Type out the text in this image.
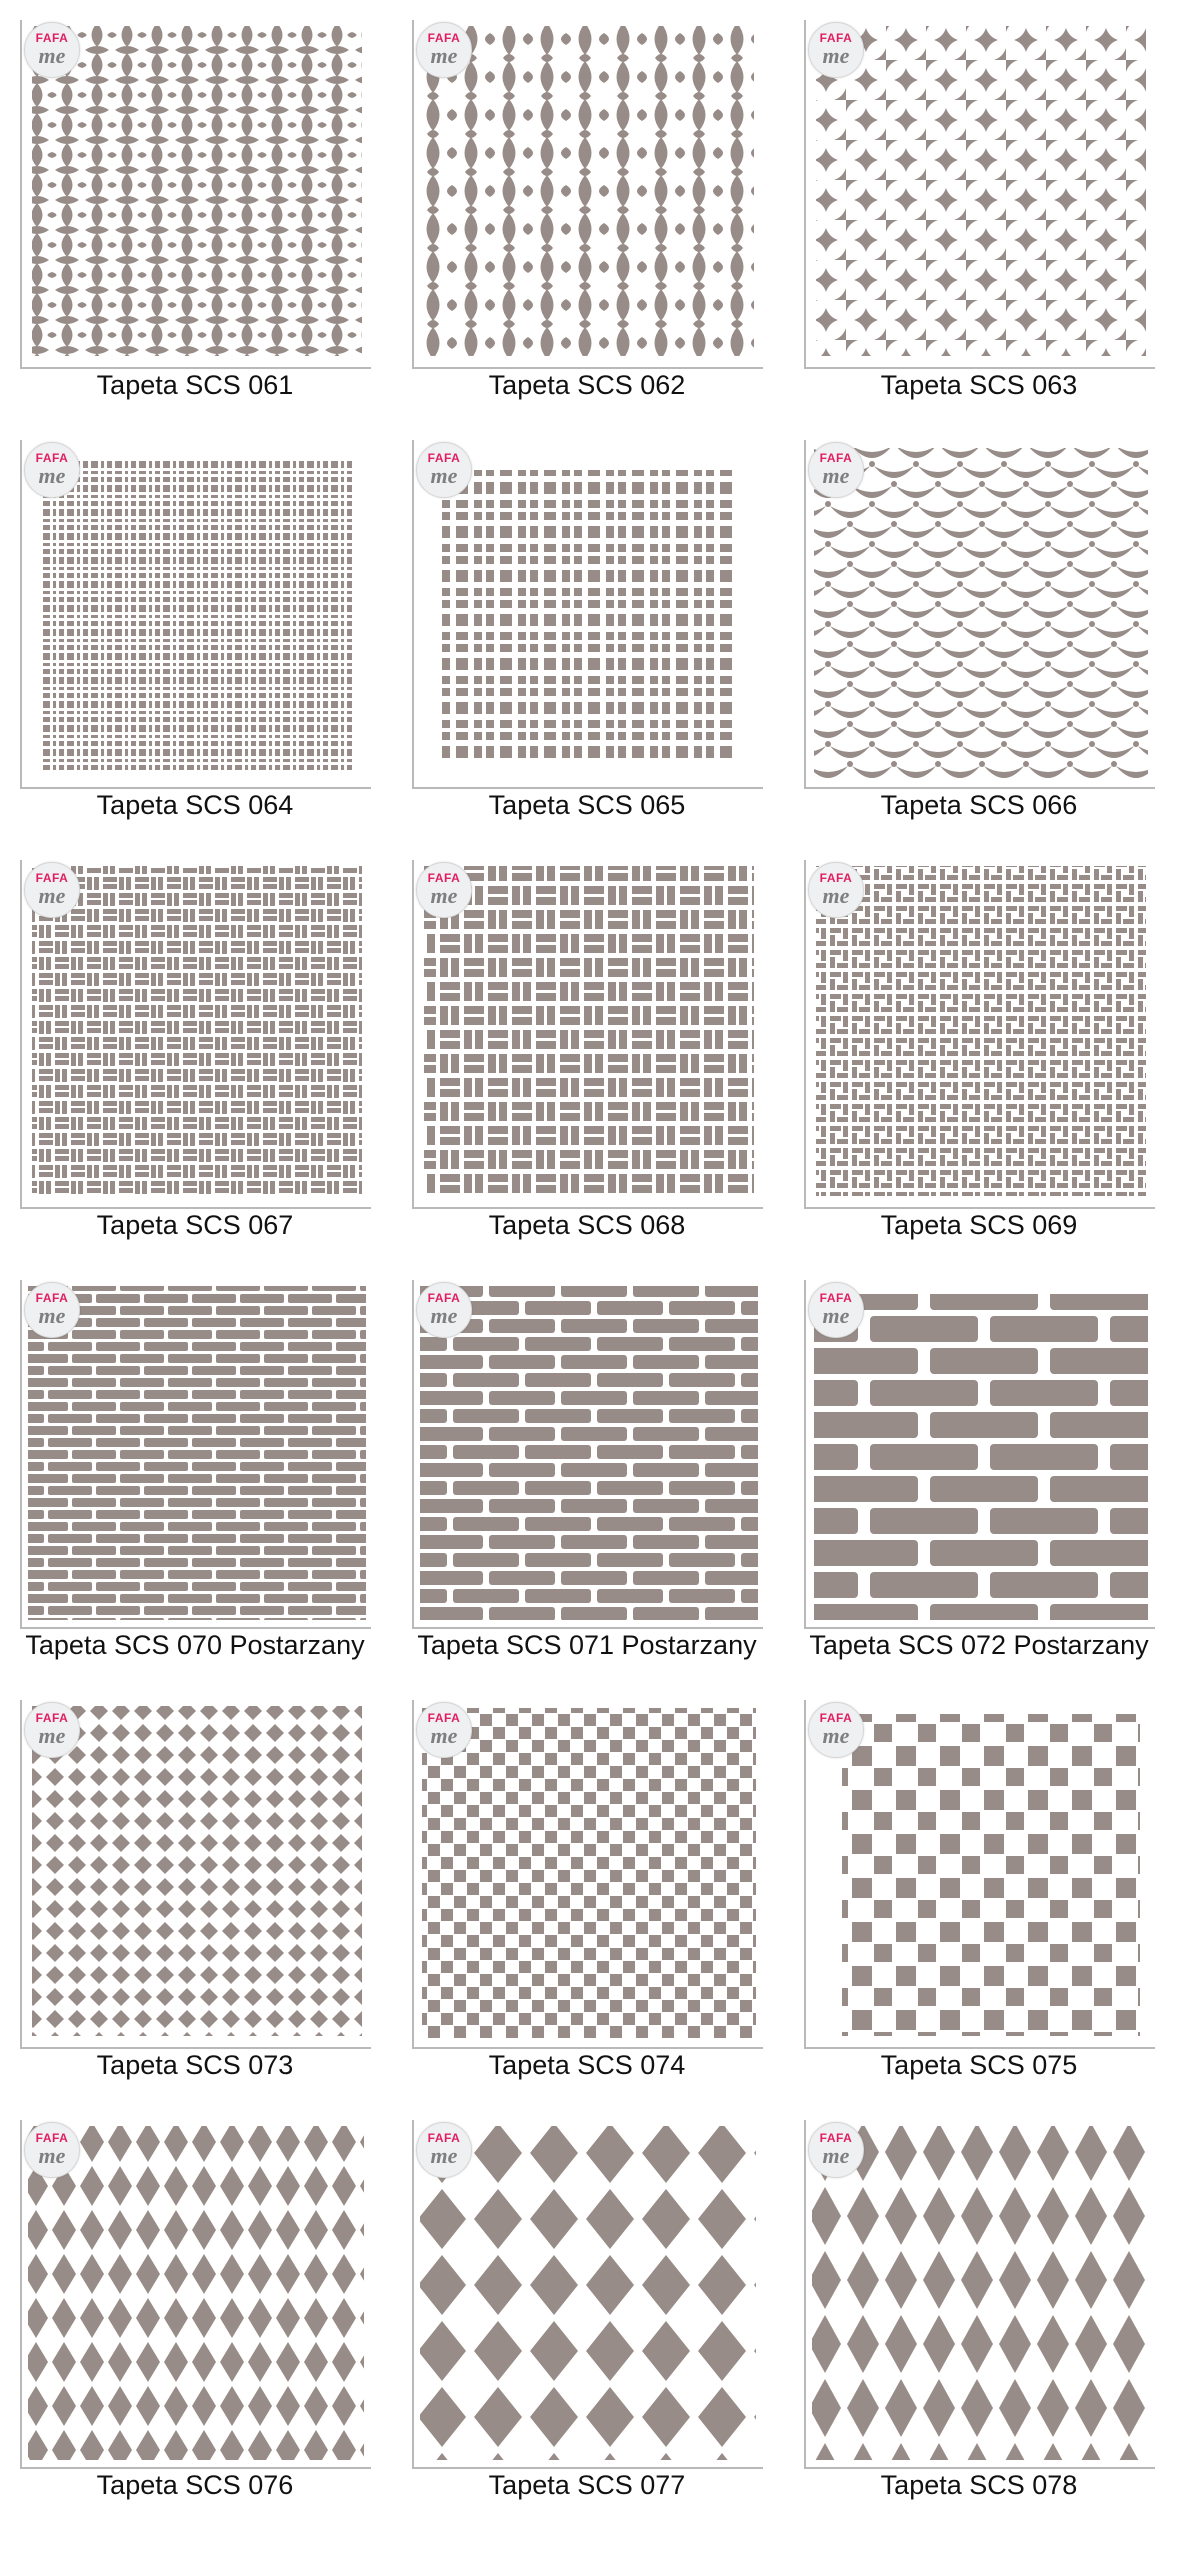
FAFA
me
Tapeta SCS 061
FAFA
me
Tapeta SCS 062
FAFA
me
Tapeta SCS 063
FAFA
me
Tapeta SCS 064
FAFA
me
Tapeta SCS 065
FAFA
me
Tapeta SCS 066
FAFA
me
Tapeta SCS 067
FAFA
me
Tapeta SCS 068
FAFA
me
Tapeta SCS 069
FAFA
me
Tapeta SCS 070 Postarzany
FAFA
me
Tapeta SCS 071 Postarzany
FAFA
me
Tapeta SCS 072 Postarzany
FAFA
me
Tapeta SCS 073
FAFA
me
Tapeta SCS 074
FAFA
me
Tapeta SCS 075
FAFA
me
Tapeta SCS 076
FAFA
me
Tapeta SCS 077
FAFA
me
Tapeta SCS 078
